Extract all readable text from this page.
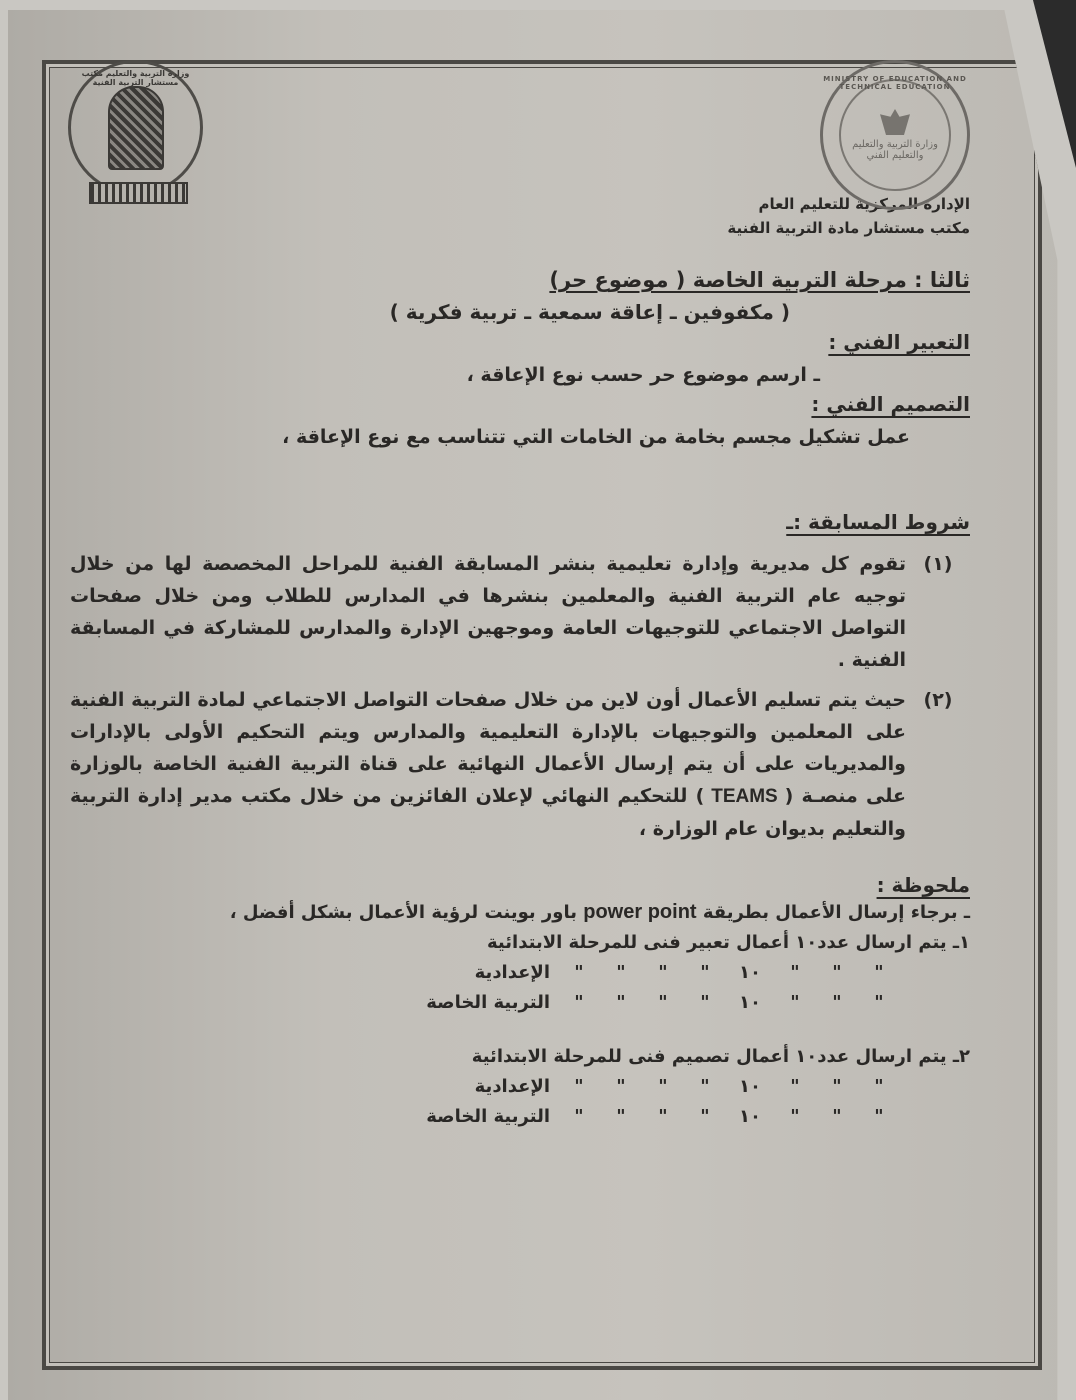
MINISTRY OF EDUCATION AND TECHNICAL EDUCATION
وزارة التربية والتعليم والتعليم الفني
وزارة التربية والتعليم مكتب مستشار التربية الفنية
الإدارة المركزية للتعليم العام
مكتب مستشار مادة التربية الفنية
ثالثا : مرحلة التربية الخاصة ( موضوع حر)
( مكفوفين ـ إعاقة سمعية ـ تربية فكرية )
التعبير الفني :
ـ ارسم موضوع حر حسب نوع الإعاقة ،
التصميم الفني :
عمل تشكيل مجسم بخامة من الخامات التي تتناسب مع نوع الإعاقة ،
شروط المسابقة :ـ
(١)
تقوم كل مديرية وإدارة تعليمية بنشر المسابقة الفنية للمراحل المخصصة لها من خلال توجيه عام التربية الفنية والمعلمين بنشرها في المدارس للطلاب ومن خلال صفحات التواصل الاجتماعي للتوجيهات العامة وموجهين الإدارة والمدارس للمشاركة في المسابقة الفنية .
(٢)
حيث يتم تسليم الأعمال أون لاين من خلال صفحات التواصل الاجتماعي لمادة التربية الفنية على المعلمين والتوجيهات بالإدارة التعليمية والمدارس ويتم التحكيم الأولى بالإدارات والمديريات على أن يتم إرسال الأعمال النهائية على قناة التربية الفنية الخاصة بالوزارة على منصـة ( TEAMS ) للتحكيم النهائي لإعلان الفائزين من خلال مكتب مدير إدارة التربية والتعليم بديوان عام الوزارة ،
ملحوظة :
ـ برجاء إرسال الأعمال بطريقة power point باور بوينت لرؤية الأعمال بشكل أفضل ،
١ـ يتم ارسال عدد١٠ أعمال تعبير فنى للمرحلة الابتدائية
"
"
"
١٠
"
"
"
"
الإعدادية
"
"
"
١٠
"
"
"
"
التربية الخاصة
٢ـ يتم ارسال عدد١٠ أعمال تصميم فنى للمرحلة الابتدائية
"
"
"
١٠
"
"
"
"
الإعدادية
"
"
"
١٠
"
"
"
"
التربية الخاصة
